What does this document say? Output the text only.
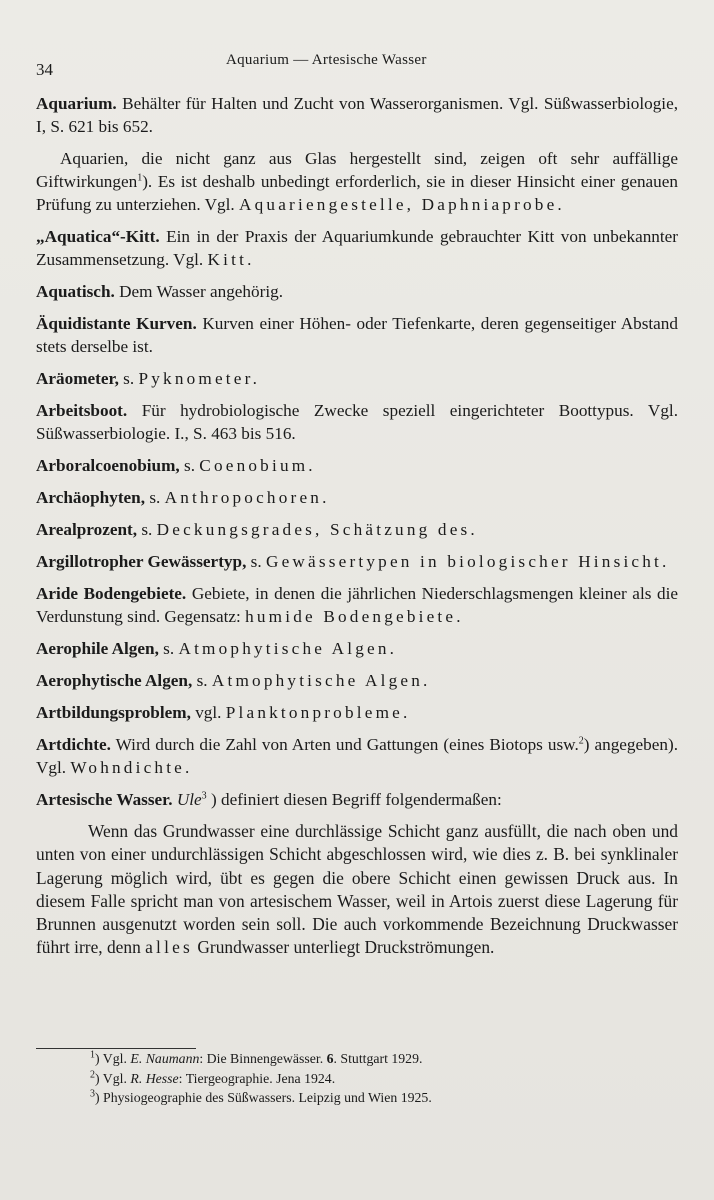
34	Aquarium — Artesische Wasser

Aquarium. Behälter für Halten und Zucht von Wasserorganismen. Vgl. Süßwasserbiologie, I, S. 621 bis 652.

Aquarien, die nicht ganz aus Glas hergestellt sind, zeigen oft sehr auffällige Giftwirkungen$^1$). Es ist deshalb unbedingt erforderlich, sie in dieser Hinsicht einer genauen Prüfung zu unterziehen. Vgl. Aquariengestelle, Daphniaprobe.

„Aquatica“-Kitt. Ein in der Praxis der Aquariumkunde gebrauchter Kitt von unbekannter Zusammensetzung. Vgl. Kitt.

Aquatisch. Dem Wasser angehörig.

Äquidistante Kurven. Kurven einer Höhen- oder Tiefenkarte, deren gegenseitiger Abstand stets derselbe ist.

Aräometer, s. Pyknometer.

Arbeitsboot. Für hydrobiologische Zwecke speziell eingerichteter Boottypus. Vgl. Süßwasserbiologie. I., S. 463 bis 516.

Arboralcoenobium, s. Coenobium.

Archäophyten, s. Anthropochoren.

Arealprozent, s. Deckungsgrades, Schätzung des.

Argillotropher Gewässertyp, s. Gewässertypen in biologischer Hinsicht.

Aride Bodengebiete. Gebiete, in denen die jährlichen Niederschlagsmengen kleiner als die Verdunstung sind. Gegensatz: humide Bodengebiete.

Aerophile Algen, s. Atmophytische Algen.

Aerophytische Algen, s. Atmophytische Algen.

Artbildungsproblem, vgl. Planktonprobleme.

Artdichte. Wird durch die Zahl von Arten und Gattungen (eines Biotops usw.$^2$) angegeben). Vgl. Wohndichte.

Artesische Wasser. Ule$^3$ ) definiert diesen Begriff folgendermaßen:

Wenn das Grundwasser eine durchlässige Schicht ganz ausfüllt, die nach oben und unten von einer undurchlässigen Schicht abgeschlossen wird, wie dies z. B. bei synklinaler Lagerung möglich wird, übt es gegen die obere Schicht einen gewissen Druck aus. In diesem Falle spricht man von artesischem Wasser, weil in Artois zuerst diese Lagerung für Brunnen ausgenutzt worden sein soll. Die auch vorkommende Bezeichnung Druckwasser führt irre, denn alles Grundwasser unterliegt Druckströmungen.

$^1$) Vgl. E. Naumann: Die Binnengewässer. 6. Stuttgart 1929.
$^2$) Vgl. R. Hesse: Tiergeographie. Jena 1924.
$^3$) Physiogeographie des Süßwassers. Leipzig und Wien 1925.
